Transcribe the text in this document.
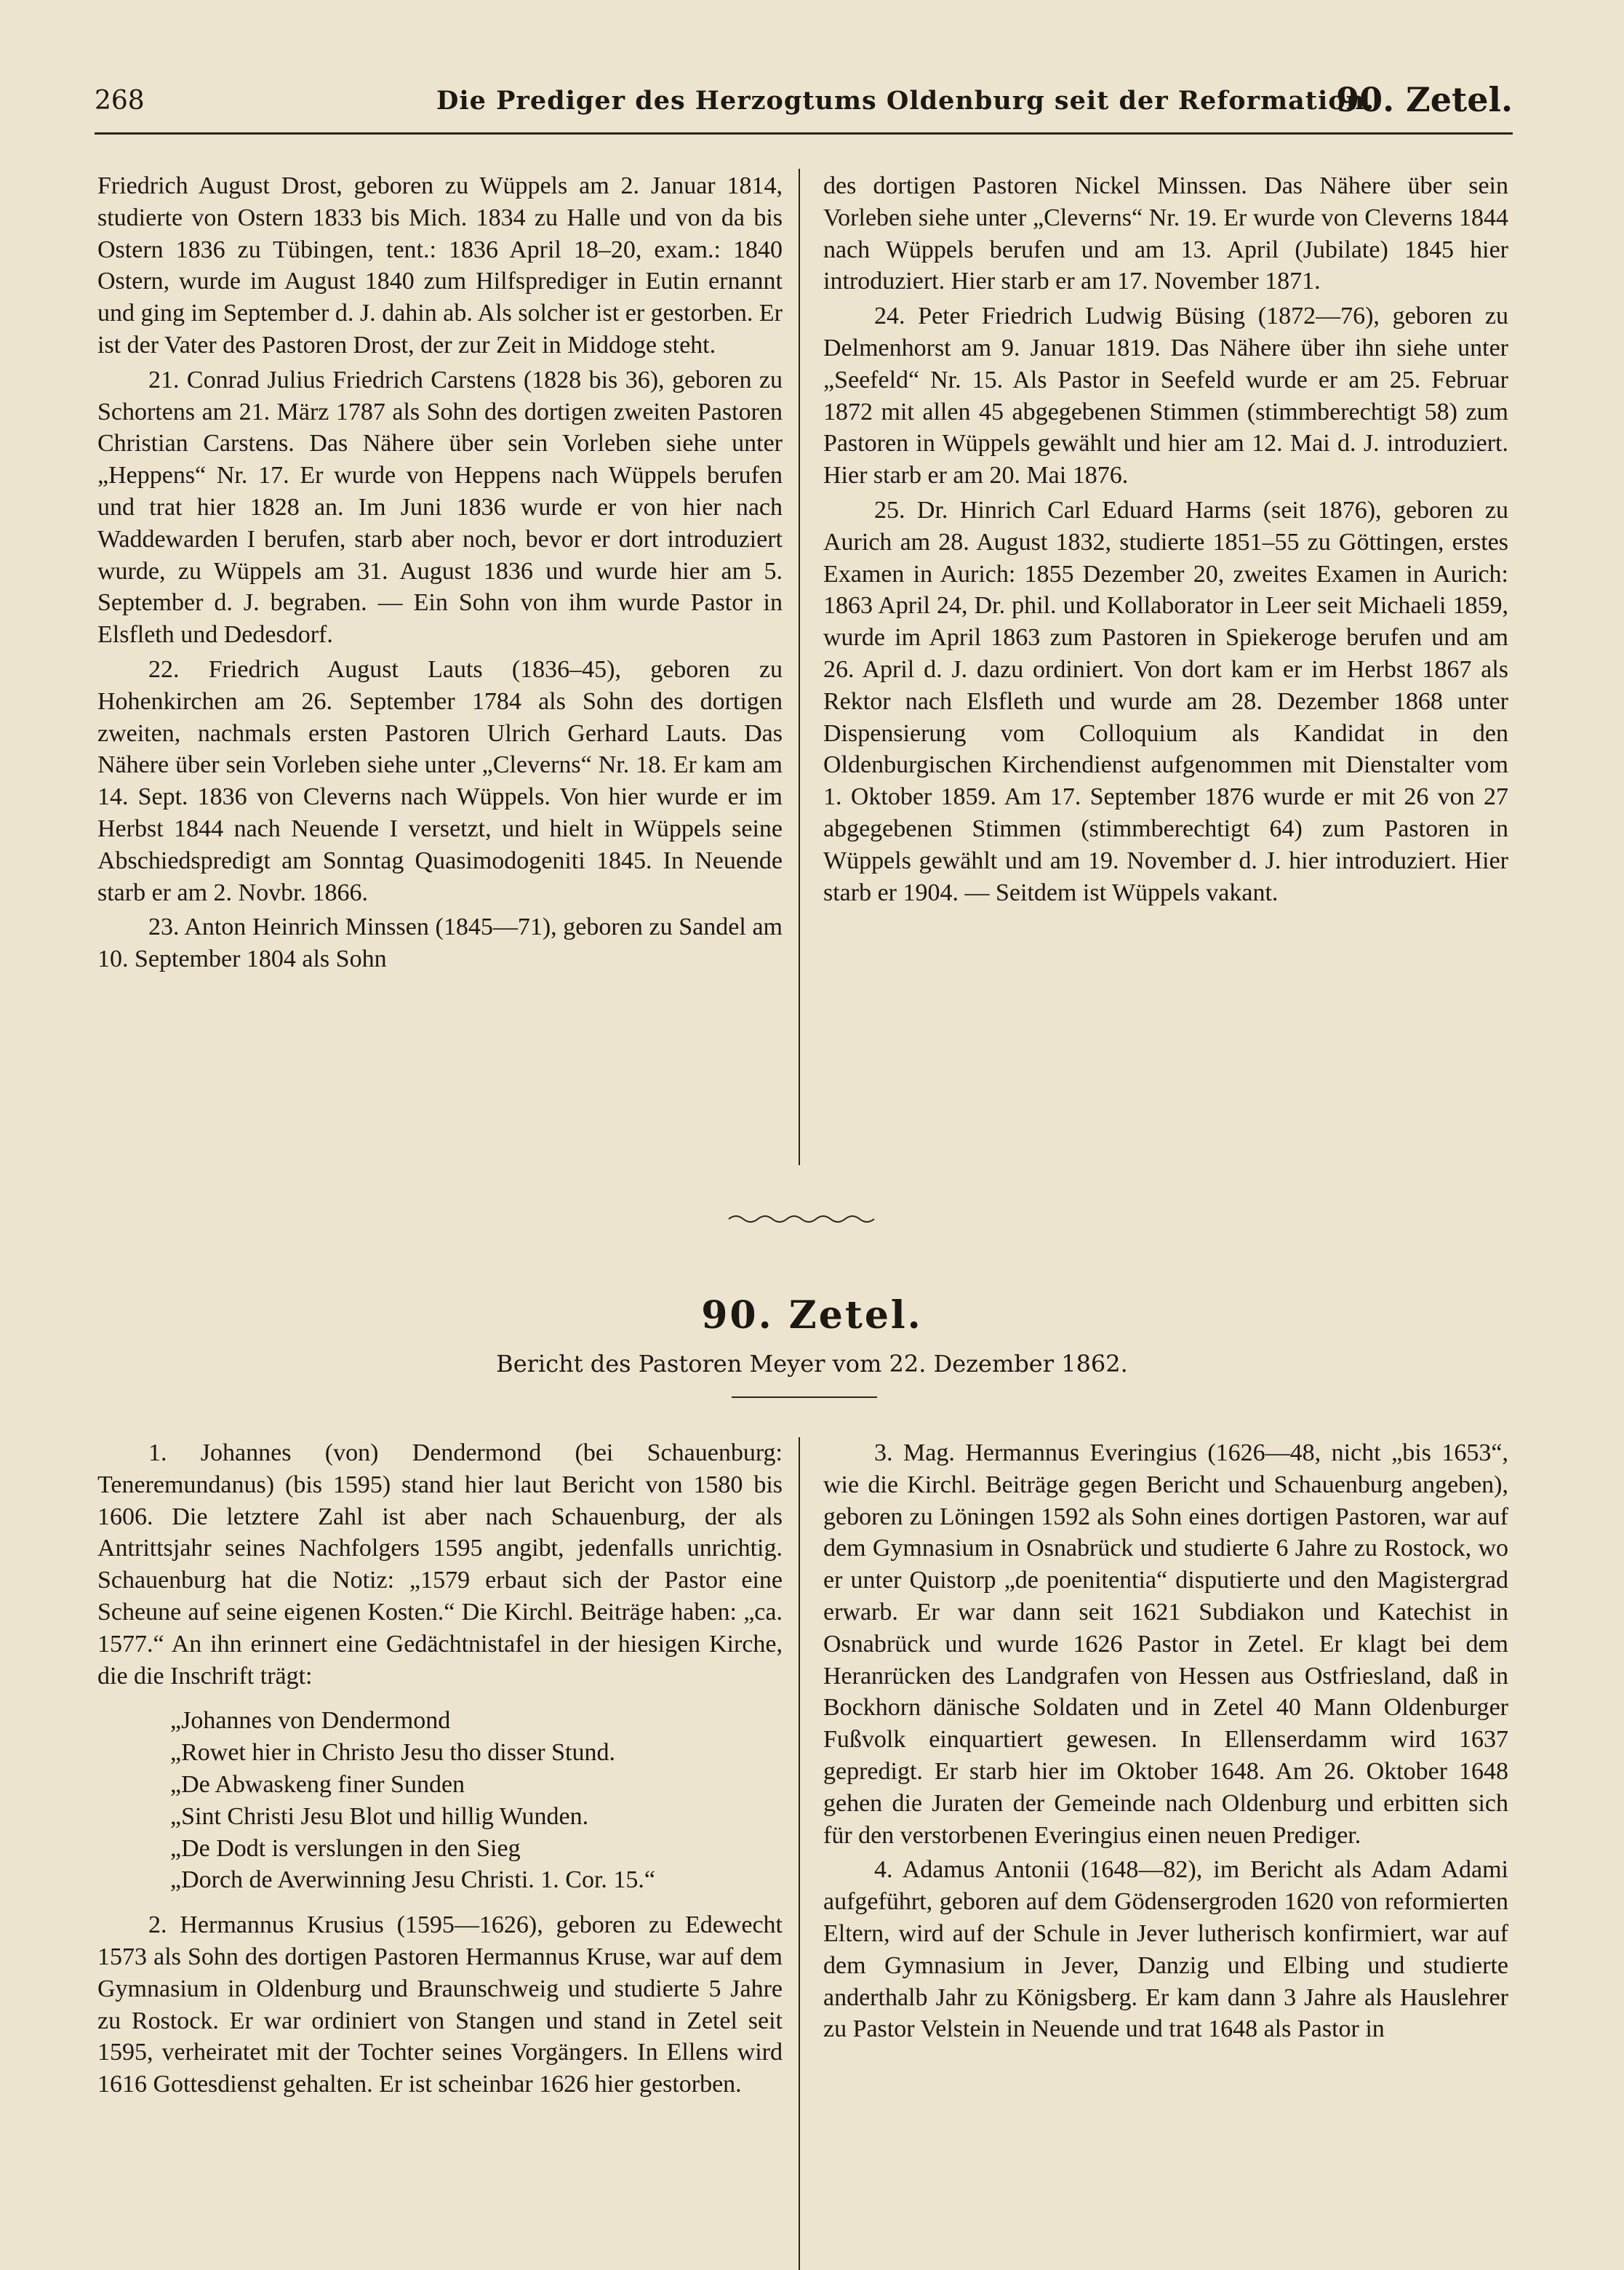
268	Die Prediger des Herzogtums Oldenburg seit der Reformation.
90. Zetel.

Friedrich August Drost, geboren zu Wüppels am 2. Januar 1814, studierte von Ostern 1833 bis Mich. 1834 zu Halle und von da bis Ostern 1836 zu Tübingen, tent.: 1836 April 18–20, exam.: 1840 Ostern, wurde im August 1840 zum Hilfsprediger in Eutin ernannt und ging im September d. J. dahin ab. Als solcher ist er gestorben. Er ist der Vater des Pastoren Drost, der zur Zeit in Middoge steht.

21. Conrad Julius Friedrich Carstens (1828 bis 36), geboren zu Schortens am 21. März 1787 als Sohn des dortigen zweiten Pastoren Christian Carstens. Das Nähere über sein Vorleben siehe unter „Heppens“ Nr. 17. Er wurde von Heppens nach Wüppels berufen und trat hier 1828 an. Im Juni 1836 wurde er von hier nach Waddewarden I berufen, starb aber noch, bevor er dort introduziert wurde, zu Wüppels am 31. August 1836 und wurde hier am 5. September d. J. begraben. — Ein Sohn von ihm wurde Pastor in Elsfleth und Dedesdorf.

22. Friedrich August Lauts (1836–45), geboren zu Hohenkirchen am 26. September 1784 als Sohn des dortigen zweiten, nachmals ersten Pastoren Ulrich Gerhard Lauts. Das Nähere über sein Vorleben siehe unter „Cleverns“ Nr. 18. Er kam am 14. Sept. 1836 von Cleverns nach Wüppels. Von hier wurde er im Herbst 1844 nach Neuende I versetzt, und hielt in Wüppels seine Abschiedspredigt am Sonntag Quasimodogeniti 1845. In Neuende starb er am 2. Novbr. 1866.

23. Anton Heinrich Minssen (1845—71), geboren zu Sandel am 10. September 1804 als Sohn

des dortigen Pastoren Nickel Minssen. Das Nähere über sein Vorleben siehe unter „Cleverns“ Nr. 19. Er wurde von Cleverns 1844 nach Wüppels berufen und am 13. April (Jubilate) 1845 hier introduziert. Hier starb er am 17. November 1871.

24. Peter Friedrich Ludwig Büsing (1872—76), geboren zu Delmenhorst am 9. Januar 1819. Das Nähere über ihn siehe unter „Seefeld“ Nr. 15. Als Pastor in Seefeld wurde er am 25. Februar 1872 mit allen 45 abgegebenen Stimmen (stimmberechtigt 58) zum Pastoren in Wüppels gewählt und hier am 12. Mai d. J. introduziert. Hier starb er am 20. Mai 1876.

25. Dr. Hinrich Carl Eduard Harms (seit 1876), geboren zu Aurich am 28. August 1832, studierte 1851–55 zu Göttingen, erstes Examen in Aurich: 1855 Dezember 20, zweites Examen in Aurich: 1863 April 24, Dr. phil. und Kollaborator in Leer seit Michaeli 1859, wurde im April 1863 zum Pastoren in Spiekeroge berufen und am 26. April d. J. dazu ordiniert. Von dort kam er im Herbst 1867 als Rektor nach Elsfleth und wurde am 28. Dezember 1868 unter Dispensierung vom Colloquium als Kandidat in den Oldenburgischen Kirchendienst aufgenommen mit Dienstalter vom 1. Oktober 1859. Am 17. September 1876 wurde er mit 26 von 27 abgegebenen Stimmen (stimmberechtigt 64) zum Pastoren in Wüppels gewählt und am 19. November d. J. hier introduziert. Hier starb er 1904. — Seitdem ist Wüppels vakant.

90. Zetel.
Bericht des Pastoren Meyer vom 22. Dezember 1862.

1. Johannes (von) Dendermond (bei Schauenburg: Teneremundanus) (bis 1595) stand hier laut Bericht von 1580 bis 1606. Die letztere Zahl ist aber nach Schauenburg, der als Antrittsjahr seines Nachfolgers 1595 angibt, jedenfalls unrichtig. Schauenburg hat die Notiz: „1579 erbaut sich der Pastor eine Scheune auf seine eigenen Kosten.“ Die Kirchl. Beiträge haben: „ca. 1577.“ An ihn erinnert eine Gedächtnistafel in der hiesigen Kirche, die die Inschrift trägt:

„Johannes von Dendermond
„Rowet hier in Christo Jesu tho disser Stund.
„De Abwaskeng finer Sunden
„Sint Christi Jesu Blot und hillig Wunden.
„De Dodt is verslungen in den Sieg
„Dorch de Averwinning Jesu Christi. 1. Cor. 15.“

2. Hermannus Krusius (1595—1626), geboren zu Edewecht 1573 als Sohn des dortigen Pastoren Hermannus Kruse, war auf dem Gymnasium in Oldenburg und Braunschweig und studierte 5 Jahre zu Rostock. Er war ordiniert von Stangen und stand in Zetel seit 1595, verheiratet mit der Tochter seines Vorgängers. In Ellens wird 1616 Gottesdienst gehalten. Er ist scheinbar 1626 hier gestorben.

3. Mag. Hermannus Everingius (1626—48, nicht „bis 1653“, wie die Kirchl. Beiträge gegen Bericht und Schauenburg angeben), geboren zu Löningen 1592 als Sohn eines dortigen Pastoren, war auf dem Gymnasium in Osnabrück und studierte 6 Jahre zu Rostock, wo er unter Quistorp „de poenitentia“ disputierte und den Magistergrad erwarb. Er war dann seit 1621 Subdiakon und Katechist in Osnabrück und wurde 1626 Pastor in Zetel. Er klagt bei dem Heranrücken des Landgrafen von Hessen aus Ostfriesland, daß in Bockhorn dänische Soldaten und in Zetel 40 Mann Oldenburger Fußvolk einquartiert gewesen. In Ellenserdamm wird 1637 gepredigt. Er starb hier im Oktober 1648. Am 26. Oktober 1648 gehen die Juraten der Gemeinde nach Oldenburg und erbitten sich für den verstorbenen Everingius einen neuen Prediger.

4. Adamus Antonii (1648—82), im Bericht als Adam Adami aufgeführt, geboren auf dem Gödensergroden 1620 von reformierten Eltern, wird auf der Schule in Jever lutherisch konfirmiert, war auf dem Gymnasium in Jever, Danzig und Elbing und studierte anderthalb Jahr zu Königsberg. Er kam dann 3 Jahre als Hauslehrer zu Pastor Velstein in Neuende und trat 1648 als Pastor in
